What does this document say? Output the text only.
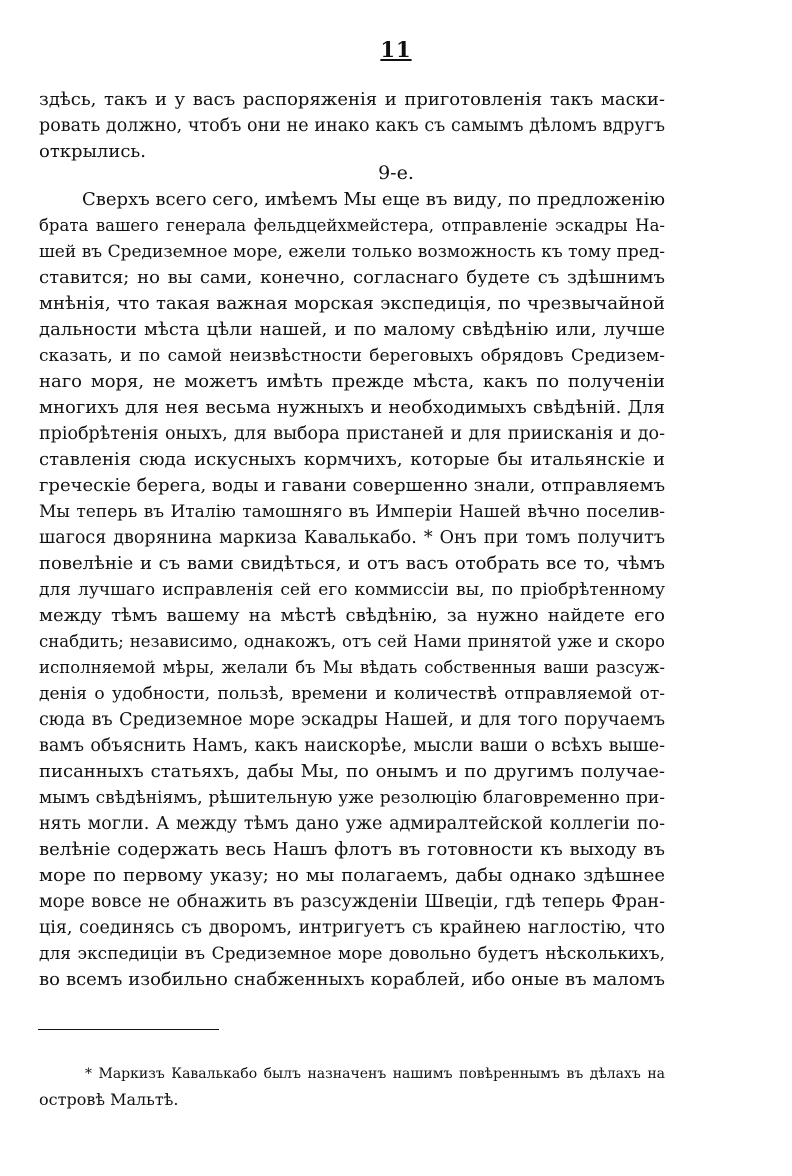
11
здѣсь, такъ и у васъ распоряженія и приготовленія такъ маски-
ровать должно, чтобъ они не инако какъ съ самымъ дѣломъ вдругъ
открылись.
9-е.
Сверхъ всего сего, имѣемъ Мы еще въ виду, по предложенію
брата вашего генерала фельдцейхмейстера, отправленіе эскадры На-
шей въ Средиземное море, ежели только возможность къ тому пред-
ставится; но вы сами, конечно, согласнаго будете съ здѣшнимъ
мнѣнія, что такая важная морская экспедиція, по чрезвычайной
дальности мѣста цѣли нашей, и по малому свѣдѣнію или, лучше
сказать, и по самой неизвѣстности береговыхъ обрядовъ Средизем-
наго моря, не можетъ имѣть прежде мѣста, какъ по полученіи
многихъ для нея весьма нужныхъ и необходимыхъ свѣдѣній. Для
пріобрѣтенія оныхъ, для выбора пристаней и для приисканія и до-
ставленія сюда искусныхъ кормчихъ, которые бы итальянскіе и
греческіе берега, воды и гавани совершенно знали, отправляемъ
Мы теперь въ Италію тамошняго въ Имперіи Нашей вѣчно поселив-
шагося дворянина маркиза Кавалькабо. * Онъ при томъ получитъ
повелѣніе и съ вами свидѣться, и отъ васъ отобрать все то, чѣмъ
для лучшаго исправленія сей его коммиссіи вы, по пріобрѣтенному
между тѣмъ вашему на мѣстѣ свѣдѣнію, за нужно найдете его
снабдить; независимо, однакожъ, отъ сей Нами принятой уже и скоро
исполняемой мѣры, желали бъ Мы вѣдать собственныя ваши разсуж-
денія о удобности, пользѣ, времени и количествѣ отправляемой от-
сюда въ Средиземное море эскадры Нашей, и для того поручаемъ
вамъ объяснить Намъ, какъ наискорѣе, мысли ваши о всѣхъ выше-
писанныхъ статьяхъ, дабы Мы, по онымъ и по другимъ получае-
мымъ свѣдѣніямъ, рѣшительную уже резолюцію благовременно при-
нять могли. А между тѣмъ дано уже адмиралтейской коллегіи по-
велѣніе содержать весь Нашъ флотъ въ готовности къ выходу въ
море по первому указу; но мы полагаемъ, дабы однако здѣшнее
море вовсе не обнажить въ разсужденіи Швеціи, гдѣ теперь Фран-
ція, соединясь съ дворомъ, интригуетъ съ крайнею наглостію, что
для экспедиціи въ Средиземное море довольно будетъ нѣсколькихъ,
во всемъ изобильно снабженныхъ кораблей, ибо оные въ маломъ
* Маркизъ Кавалькабо былъ назначенъ нашимъ повѣреннымъ въ дѣлахъ на
островѣ Мальтѣ.
